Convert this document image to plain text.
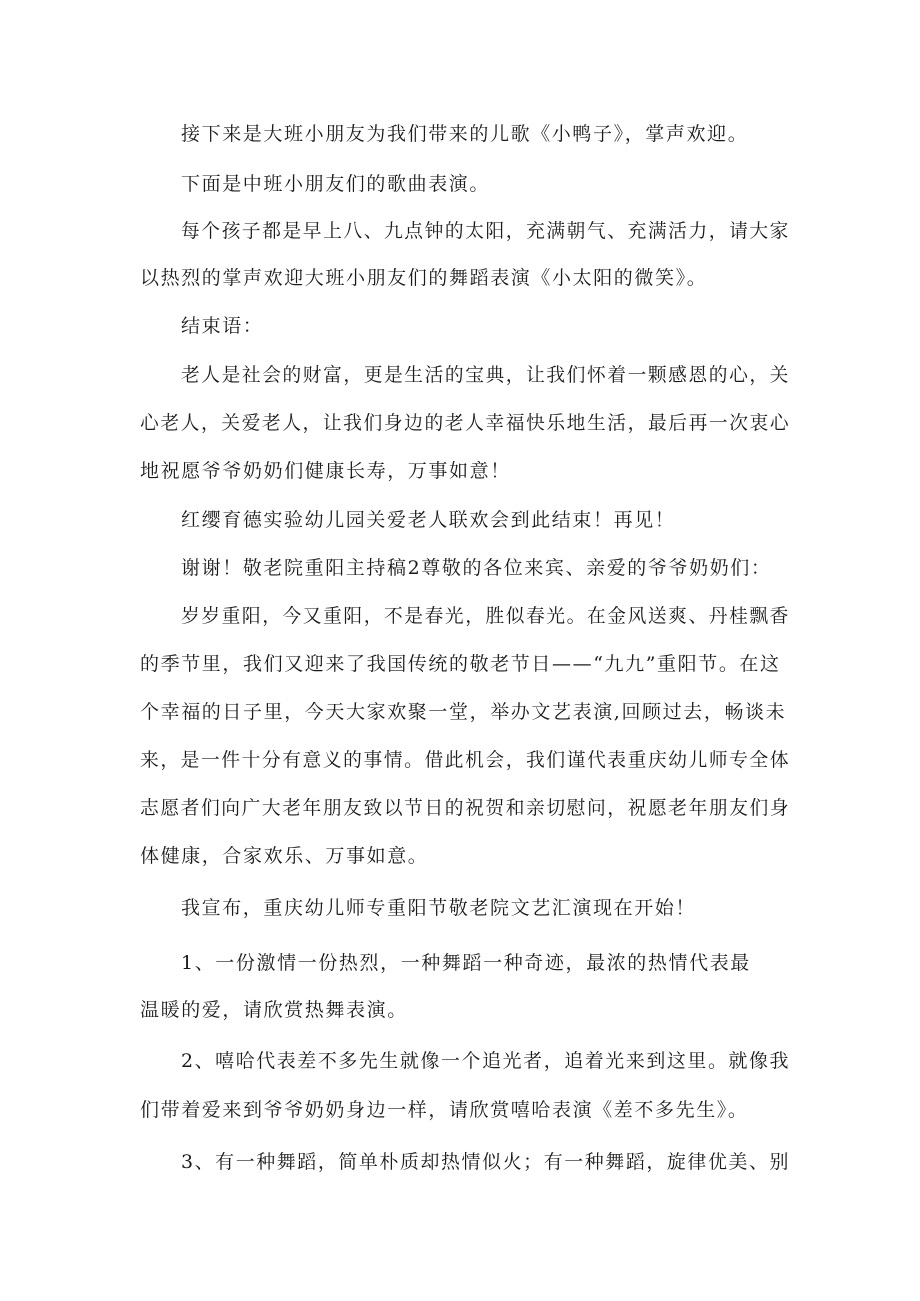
接下来是大班小朋友为我们带来的儿歌《小鸭子》，掌声欢迎。
下面是中班小朋友们的歌曲表演。
每个孩子都是早上八、九点钟的太阳，充满朝气、充满活力，请大家
以热烈的掌声欢迎大班小朋友们的舞蹈表演《小太阳的微笑》。
结束语：
老人是社会的财富，更是生活的宝典，让我们怀着一颗感恩的心，关
心老人，关爱老人，让我们身边的老人幸福快乐地生活，最后再一次衷心
地祝愿爷爷奶奶们健康长寿，万事如意！
红缨育德实验幼儿园关爱老人联欢会到此结束！再见！
谢谢！敬老院重阳主持稿2尊敬的各位来宾、亲爱的爷爷奶奶们：
岁岁重阳，今又重阳，不是春光，胜似春光。在金风送爽、丹桂飘香
的季节里，我们又迎来了我国传统的敬老节日——“九九”重阳节。在这
个幸福的日子里，今天大家欢聚一堂，举办文艺表演,回顾过去，畅谈未
来，是一件十分有意义的事情。借此机会，我们谨代表重庆幼儿师专全体
志愿者们向广大老年朋友致以节日的祝贺和亲切慰问，祝愿老年朋友们身
体健康，合家欢乐、万事如意。
我宣布，重庆幼儿师专重阳节敬老院文艺汇演现在开始！
1、一份激情一份热烈，一种舞蹈一种奇迹，最浓的热情代表最
温暖的爱，请欣赏热舞表演。
2、嘻哈代表差不多先生就像一个追光者，追着光来到这里。就像我
们带着爱来到爷爷奶奶身边一样，请欣赏嘻哈表演《差不多先生》。
3、有一种舞蹈，简单朴质却热情似火；有一种舞蹈，旋律优美、别
